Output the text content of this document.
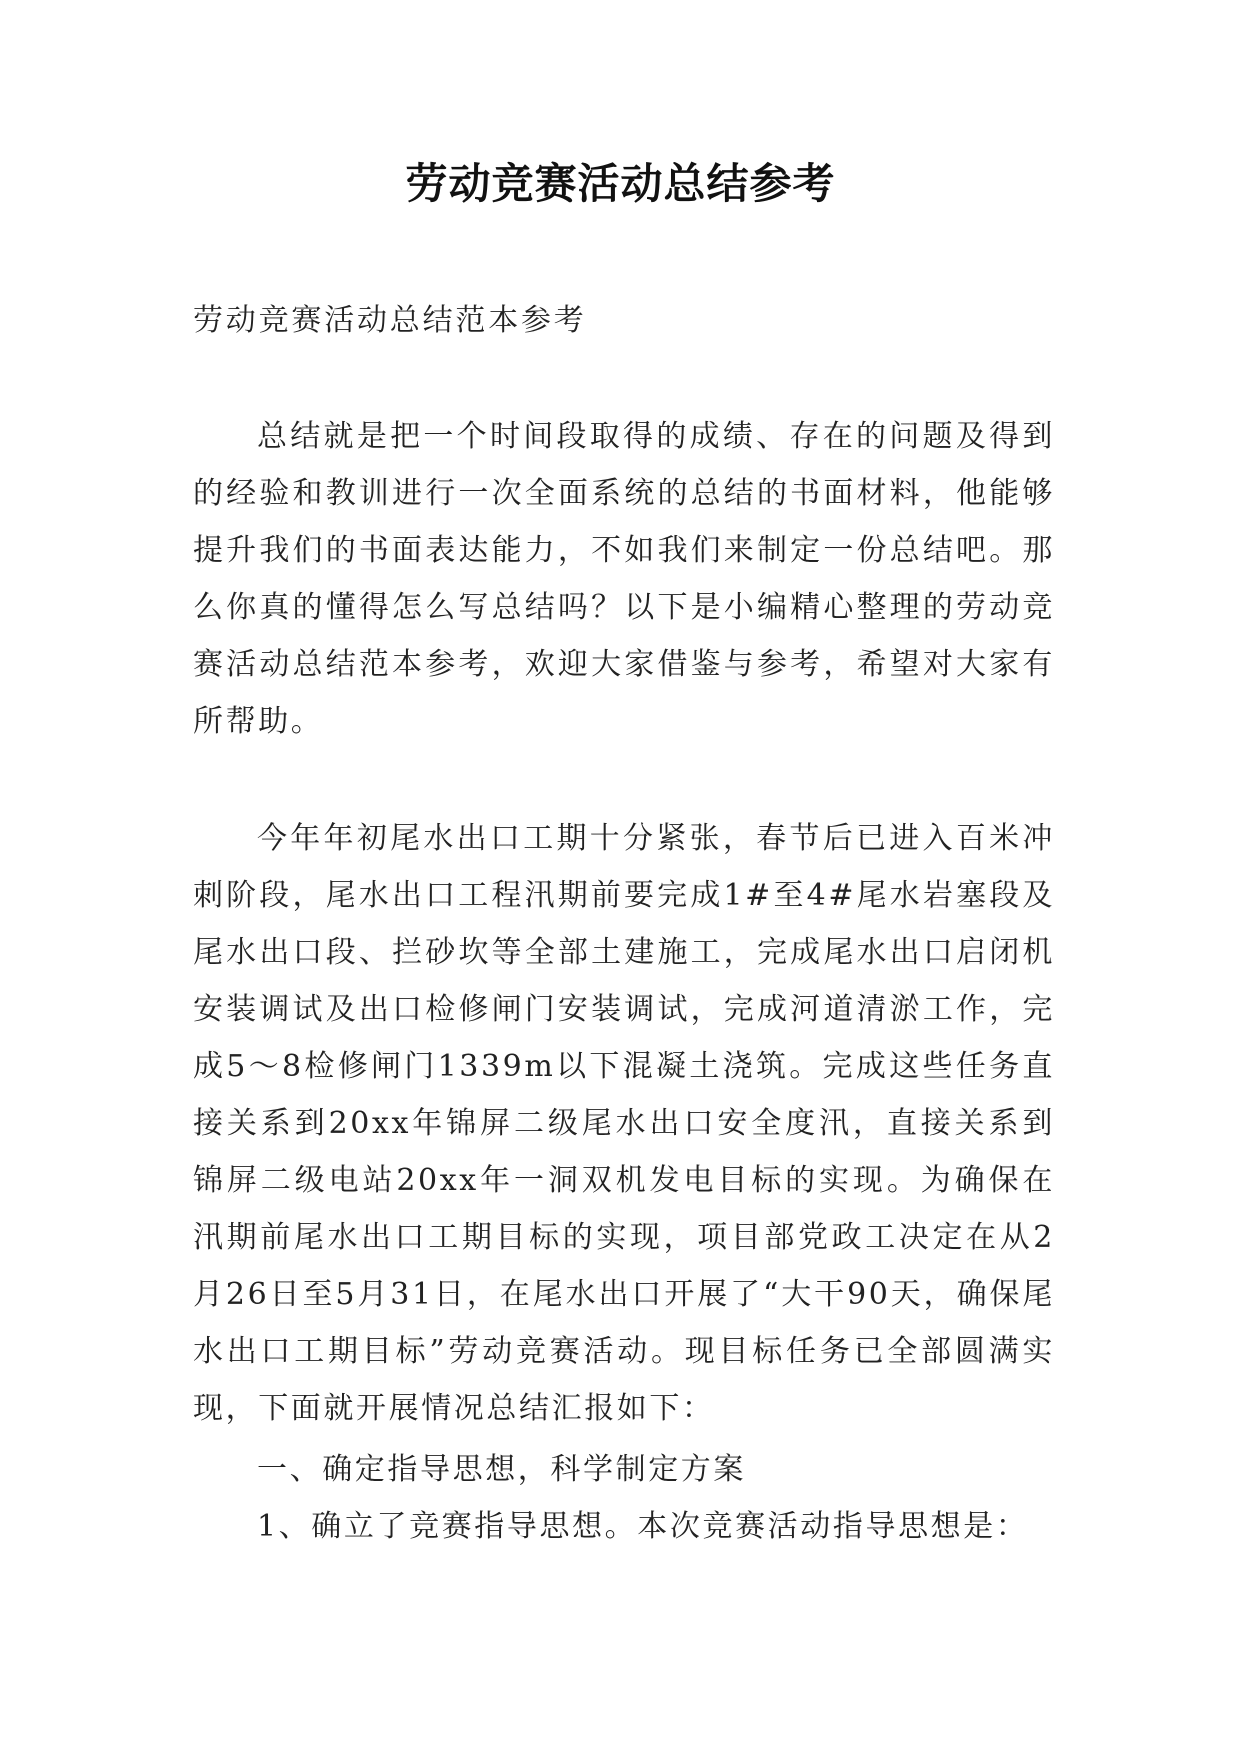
劳动竞赛活动总结参考
劳动竞赛活动总结范本参考
总结就是把一个时间段取得的成绩、存在的问题及得到的经验和教训进行一次全面系统的总结的书面材料，他能够提升我们的书面表达能力，不如我们来制定一份总结吧。那么你真的懂得怎么写总结吗？以下是小编精心整理的劳动竞赛活动总结范本参考，欢迎大家借鉴与参考，希望对大家有所帮助。
今年年初尾水出口工期十分紧张，春节后已进入百米冲刺阶段，尾水出口工程汛期前要完成1#至4#尾水岩塞段及尾水出口段、拦砂坎等全部土建施工，完成尾水出口启闭机安装调试及出口检修闸门安装调试，完成河道清淤工作，完成5～8检修闸门1339m以下混凝土浇筑。完成这些任务直接关系到20xx年锦屏二级尾水出口安全度汛，直接关系到锦屏二级电站20xx年一洞双机发电目标的实现。为确保在汛期前尾水出口工期目标的实现，项目部党政工决定在从2月26日至5月31日，在尾水出口开展了“大干90天，确保尾水出口工期目标”劳动竞赛活动。现目标任务已全部圆满实现，下面就开展情况总结汇报如下：
一、确定指导思想，科学制定方案
1、确立了竞赛指导思想。本次竞赛活动指导思想是：
